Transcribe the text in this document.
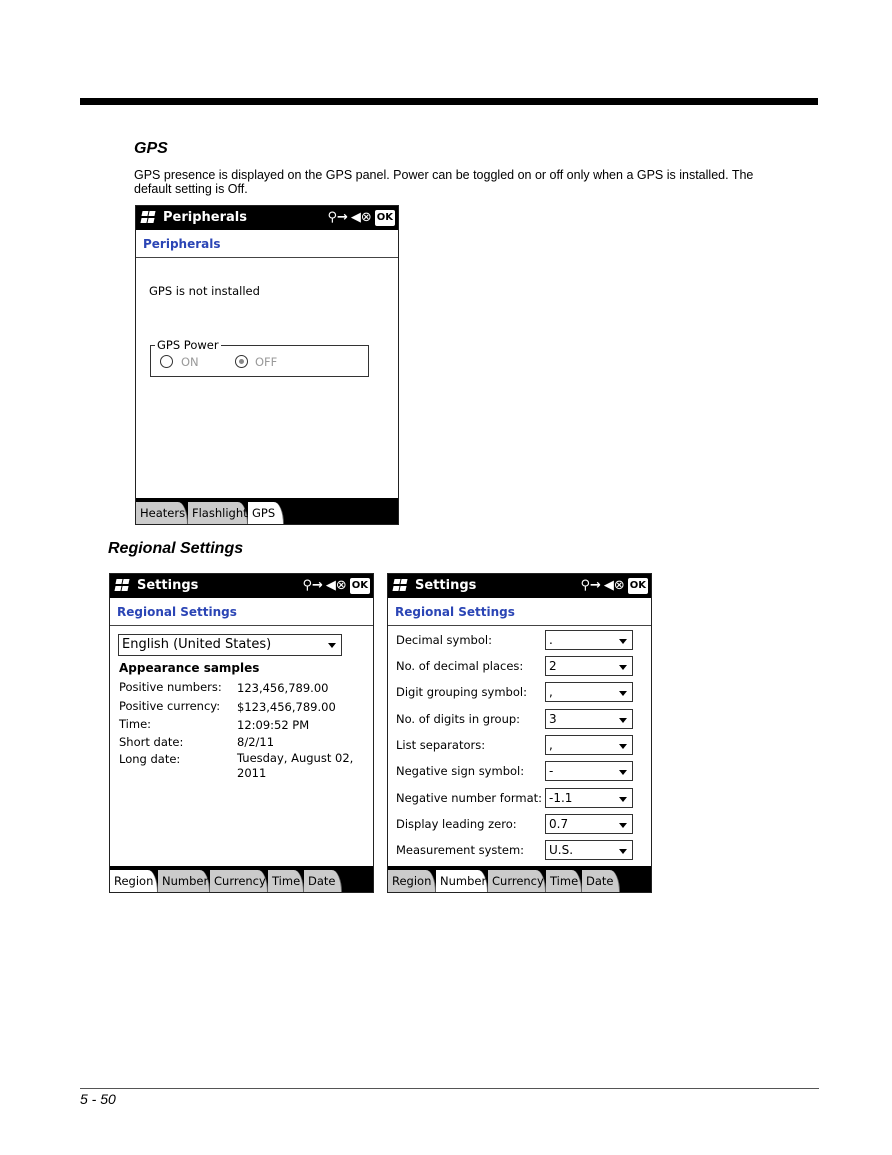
GPS
GPS presence is displayed on the GPS panel. Power can be toggled on or off only when a GPS is installed. The default setting is Off.
Peripherals	⚲→ ◀⊗ OK
Peripherals
GPS is not installed
GPS Power
ON	OFF
Heaters Flashlight GPS
Regional Settings
Settings	⚲→ ◀⊗ OK
Regional Settings
English (United States)
Appearance samples
Positive numbers: 123,456,789.00
Positive currency: $123,456,789.00
Time:	12:09:52 PM
Short date:	8/2/11
Long date:	Tuesday, August 02,
2011
Region Number Currency Time Date
Settings	⚲→ ◀⊗ OK
Regional Settings
Decimal symbol:	.
No. of decimal places: 2
Digit grouping symbol: ,
No. of digits in group: 3
List separators:	,
Negative sign symbol: -
Negative number format: -1.1
Display leading zero:	0.7
Measurement system: U.S.
Region Number Currency Time Date
5 - 50
